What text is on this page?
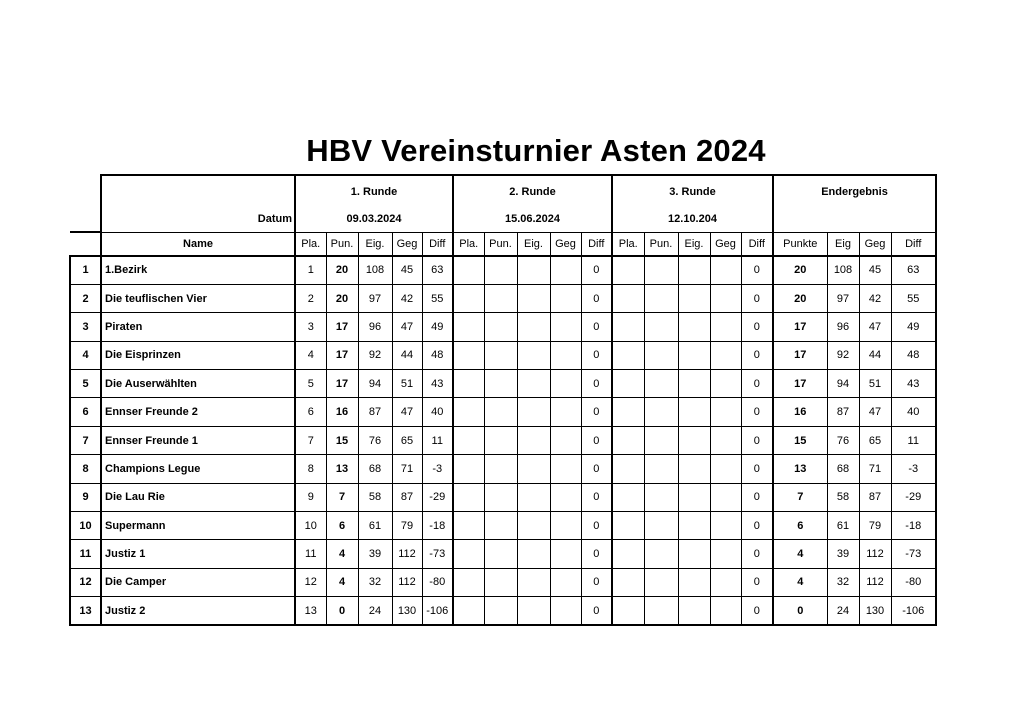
HBV Vereinsturnier Asten 2024
		1. Runde					2. Runde					3. Runde					Endergebnis			
	Datum	09.03.2024					15.06.2024					12.10.204								
	Name	Pla.	Pun.	Eig.	Geg	Diff	Pla.	Pun.	Eig.	Geg	Diff	Pla.	Pun.	Eig.	Geg	Diff	Punkte	Eig	Geg	Diff
1	1.Bezirk	1	20	108	45	63					0					0	20	108	45	63
2	Die teuflischen Vier	2	20	97	42	55					0					0	20	97	42	55
3	Piraten	3	17	96	47	49					0					0	17	96	47	49
4	Die Eisprinzen	4	17	92	44	48					0					0	17	92	44	48
5	Die Auserwählten	5	17	94	51	43					0					0	17	94	51	43
6	Ennser Freunde 2	6	16	87	47	40					0					0	16	87	47	40
7	Ennser Freunde 1	7	15	76	65	11					0					0	15	76	65	11
8	Champions Legue	8	13	68	71	-3					0					0	13	68	71	-3
9	Die Lau Rie	9	7	58	87	-29					0					0	7	58	87	-29
10	Supermann	10	6	61	79	-18					0					0	6	61	79	-18
11	Justiz 1	11	4	39	112	-73					0					0	4	39	112	-73
12	Die Camper	12	4	32	112	-80					0					0	4	32	112	-80
13	Justiz 2	13	0	24	130	-106					0					0	0	24	130	-106
